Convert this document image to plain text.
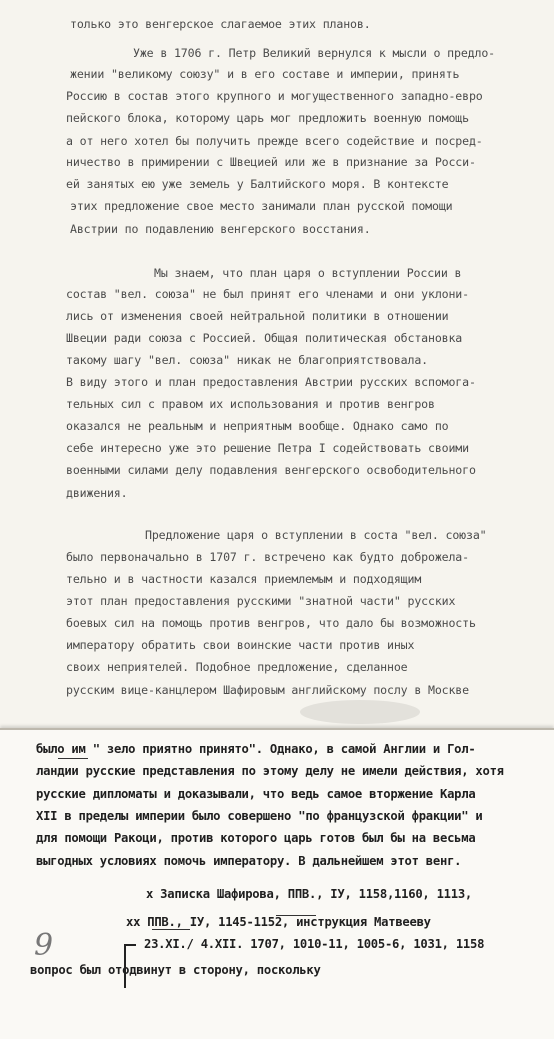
только это венгерское слагаемое этих планов.
Уже в 1706 г. Петр Великий вернулся к мысли о предло-
жении "великому союзу" и в его составе и империи, принять
Россию в состав этого крупного и могущественного западно-евро
пейского блока, которому царь мог предложить военную помощь
а от него хотел бы получить прежде всего содействие и посред-
ничество в примирении с Швецией или же в признание за Росси-
ей занятых ею уже земель у Балтийского моря. В контексте
этих предложение свое место занимали план русской помощи
Австрии по подавлению венгерского восстания.
Мы знаем, что план царя о вступлении России в
состав "вел. союза" не был принят его членами и они уклони-
лись от изменения своей нейтральной политики в отношении
Швеции ради союза с Россией. Общая политическая обстановка
такому шагу "вел. союза" никак не благоприятствовала.
В виду этого и план предоставления Австрии русских вспомога-
тельных сил с правом их использования и против венгров
оказался не реальным и неприятным вообще. Однако само по
себе интересно уже это решение Петра I содействовать своими
военными силами делу подавления венгерского освободительного
движения.
Предложение царя о вступлении в соста "вел. союза"
было первоначально в 1707 г. встречено как будто доброжела-
тельно и в частности казался приемлемым и подходящим
этот план предоставления русскими "знатной части" русских
боевых сил на помощь против венгров, что дало бы возможность
императору обратить свои воинские части против иных
своих неприятелей. Подобное предложение, сделанное
русским вице-канцлером Шафировым английскому послу в Москве
было им " зело приятно принято". Однако, в самой Англии и Гол-
ландии русские представления по этому делу не имели действия, хотя
русские дипломаты и доказывали, что ведь самое вторжение Карла
XII в пределы империи было совершено "по французской фракции" и
для помощи Ракоци, против которого царь готов был бы на весьма
выгодных условиях помочь императору. В дальнейшем этот венг.
x Записка Шафирова, ППВ., IУ, 1158,1160, 1113,
xx ППВ., IУ, 1145-1152, инструкция Матвееву
23.XI./ 4.XII. 1707, 1010-11, 1005-6, 1031, 1158
вопрос был отодвинут в сторону, поскольку
9
